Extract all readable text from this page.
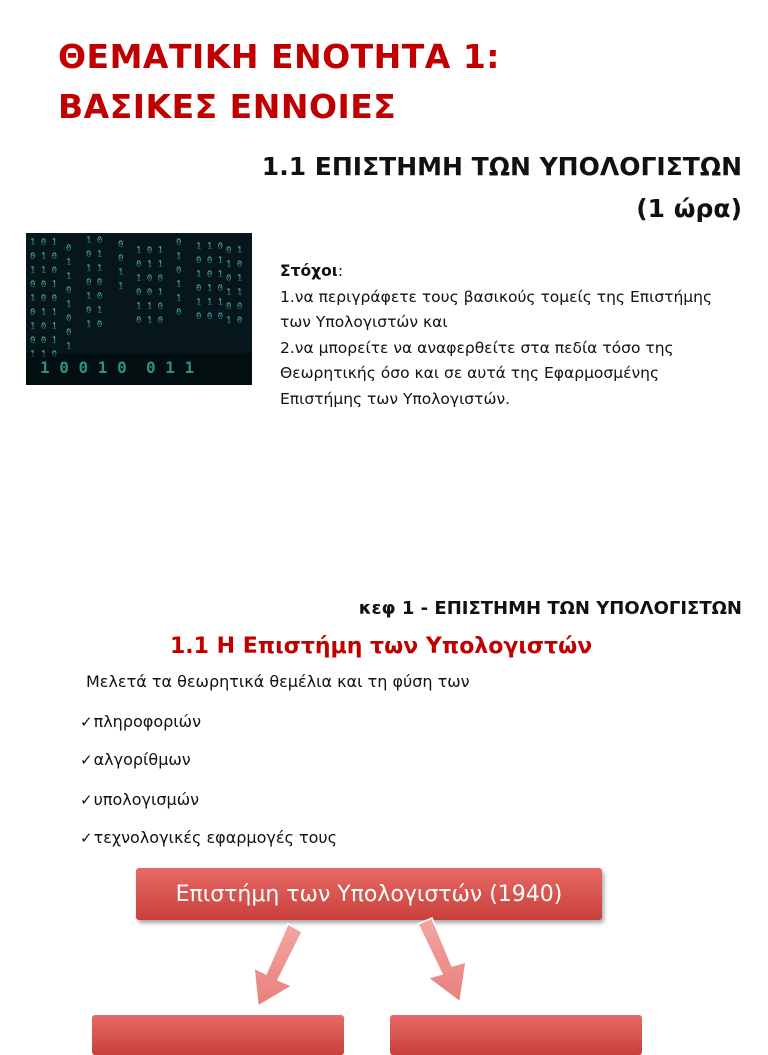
ΘΕΜΑΤΙΚΗ ΕΝΟΤΗΤΑ 1:
ΒΑΣΙΚΕΣ ΕΝΝΟΙΕΣ
1.1 ΕΠΙΣΤΗΜΗ ΤΩΝ ΥΠΟΛΟΓΙΣΤΩΝ
(1 ώρα)
1 0 1
0 1 0
1 1 0
0 0 1
1 0 0
0 1 1
1 0 1
0 0 1
1 1 0
0
1
1
0
1
0
0
1
1 0
0 1
1 1
0 0
1 0
0 1
1 0
0
0
1
1
1 0 1
0 1 1
1 0 0
0 0 1
1 1 0
0 1 0
0
1
0
1
1
0
1 1 0
0 0 1
1 0 1
0 1 0
1 1 1
0 0 0
0 1
1 0
0 1
1 1
0 0
1 0
1 0 0 1 0 0 1 1
Στόχοι:
1.να περιγράφετε τους βασικούς τομείς της Επιστήμης
των Υπολογιστών και
2.να μπορείτε να αναφερθείτε στα πεδία τόσο της
Θεωρητικής όσο και σε αυτά της Εφαρμοσμένης
Επιστήμης των Υπολογιστών.
κεφ 1 - ΕΠΙΣΤΗΜΗ ΤΩΝ ΥΠΟΛΟΓΙΣΤΩΝ
1.1 Η Επιστήμη των Υπολογιστών
Μελετά τα θεωρητικά θεμέλια και τη φύση των
✓πληροφοριών
✓αλγορίθμων
✓υπολογισμών
✓τεχνολογικές εφαρμογές τους
Επιστήμη των Υπολογιστών (1940)
